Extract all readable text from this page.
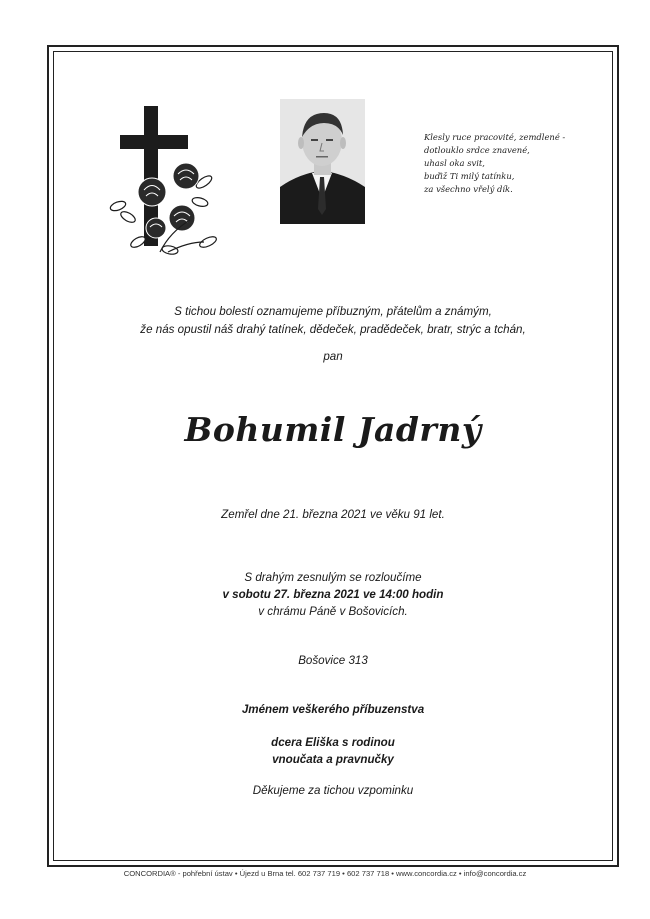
Klesly ruce pracovité, zemdlené -
dotlouklo srdce znavené,
uhasl oka svit,
buďiž Ti milý tatínku,
za všechno vřelý dík.
S tichou bolestí oznamujeme příbuzným, přátelům a známým,
že nás opustil náš drahý tatínek, dědeček, pradědeček, bratr, strýc a tchán,
pan
Bohumil Jadrný
Zemřel dne 21. března 2021 ve věku 91 let.
S drahým zesnulým se rozloučíme
v sobotu 27. března 2021 ve 14:00 hodin
v chrámu Páně v Bošovicích.
Bošovice 313
Jménem veškerého příbuzenstva
dcera Eliška s rodinou
vnoučata a pravnučky
Děkujeme za tichou vzpominku
CONCORDIA® - pohřební ústav • Újezd u Brna tel. 602 737 719 • 602 737 718 • www.concordia.cz • info@concordia.cz
